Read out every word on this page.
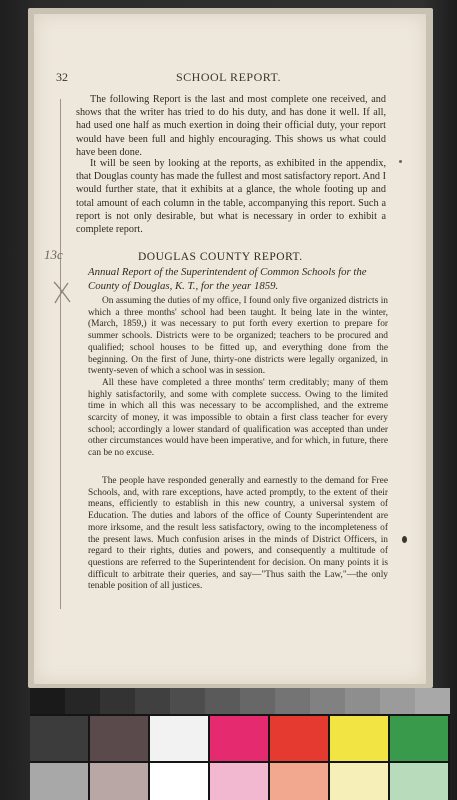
32	SCHOOL REPORT.
13c

The following Report is the last and most complete one received, and shows that the writer has tried to do his duty, and has done it well. If all, had used one half as much exertion in doing their official duty, your report would have been full and highly encouraging. This shows us what could have been done.

It will be seen by looking at the reports, as exhibited in the appendix, that Douglas county has made the fullest and most satisfactory report. And I would further state, that it exhibits at a glance, the whole footing up and total amount of each column in the table, accompanying this report. Such a report is not only desirable, but what is necessary in order to exhibit a complete report.

DOUGLAS COUNTY REPORT.
Annual Report of the Superintendent of Common Schools for the County of Douglas, K. T., for the year 1859.

On assuming the duties of my office, I found only five organized districts in which a three months' school had been taught. It being late in the winter, (March, 1859,) it was necessary to put forth every exertion to prepare for summer schools. Districts were to be organized; teachers to be procured and qualified; school houses to be fitted up, and everything done from the beginning. On the first of June, thirty-one districts were legally organized, in twenty-seven of which a school was in session.

All these have completed a three months' term creditably; many of them highly satisfactorily, and some with complete success. Owing to the limited time in which all this was necessary to be accomplished, and the extreme scarcity of money, it was impossible to obtain a first class teacher for every school; accordingly a lower standard of qualification was accepted than under other circumstances would have been imperative, and for which, in future, there can be no excuse.

The people have responded generally and earnestly to the demand for Free Schools, and, with rare exceptions, have acted promptly, to the extent of their means, efficiently to establish in this new country, a universal system of Education. The duties and labors of the office of County Superintendent are more irksome, and the result less satisfactory, owing to the incompleteness of the present laws. Much confusion arises in the minds of District Officers, in regard to their rights, duties and powers, and consequently a multitude of questions are referred to the Superintendent for decision. On many points it is difficult to arbitrate their queries, and say—"Thus saith the Law,"—the only tenable position of all justices.
